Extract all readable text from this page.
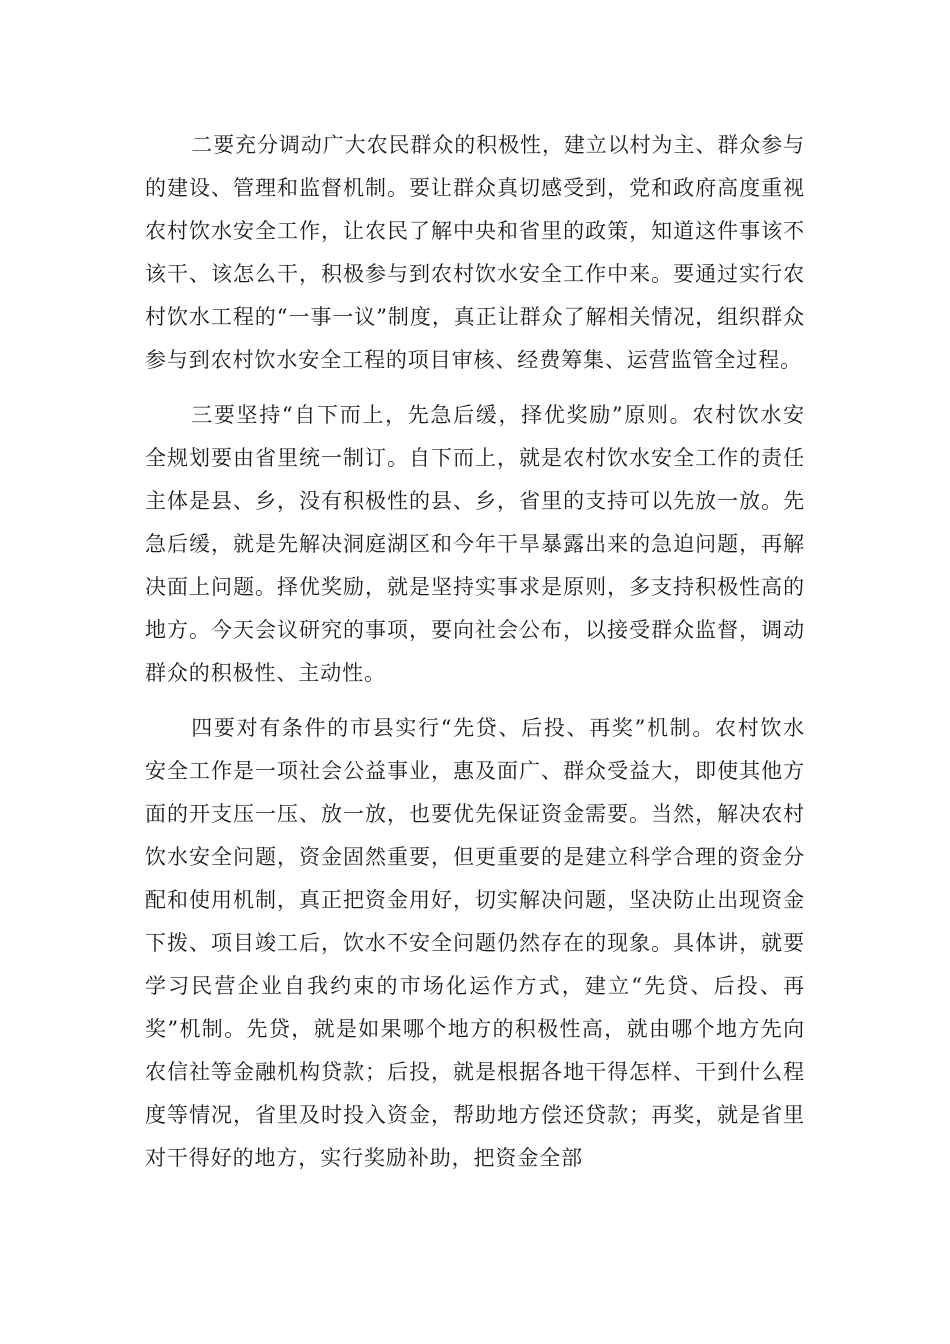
二要充分调动广大农民群众的积极性，建立以村为主、群众参与的建设、管理和监督机制。要让群众真切感受到，党和政府高度重视农村饮水安全工作，让农民了解中央和省里的政策，知道这件事该不该干、该怎么干，积极参与到农村饮水安全工作中来。要通过实行农村饮水工程的“一事一议”制度，真正让群众了解相关情况，组织群众参与到农村饮水安全工程的项目审核、经费筹集、运营监管全过程。

三要坚持“自下而上，先急后缓，择优奖励”原则。农村饮水安全规划要由省里统一制订。自下而上，就是农村饮水安全工作的责任主体是县、乡，没有积极性的县、乡，省里的支持可以先放一放。先急后缓，就是先解决洞庭湖区和今年干旱暴露出来的急迫问题，再解决面上问题。择优奖励，就是坚持实事求是原则，多支持积极性高的地方。今天会议研究的事项，要向社会公布，以接受群众监督，调动群众的积极性、主动性。

四要对有条件的市县实行“先贷、后投、再奖”机制。农村饮水安全工作是一项社会公益事业，惠及面广、群众受益大，即使其他方面的开支压一压、放一放，也要优先保证资金需要。当然，解决农村饮水安全问题，资金固然重要，但更重要的是建立科学合理的资金分配和使用机制，真正把资金用好，切实解决问题，坚决防止出现资金下拨、项目竣工后，饮水不安全问题仍然存在的现象。具体讲，就要学习民营企业自我约束的市场化运作方式，建立“先贷、后投、再奖”机制。先贷，就是如果哪个地方的积极性高，就由哪个地方先向农信社等金融机构贷款；后投，就是根据各地干得怎样、干到什么程度等情况，省里及时投入资金，帮助地方偿还贷款；再奖，就是省里对干得好的地方，实行奖励补助，把资金全部
